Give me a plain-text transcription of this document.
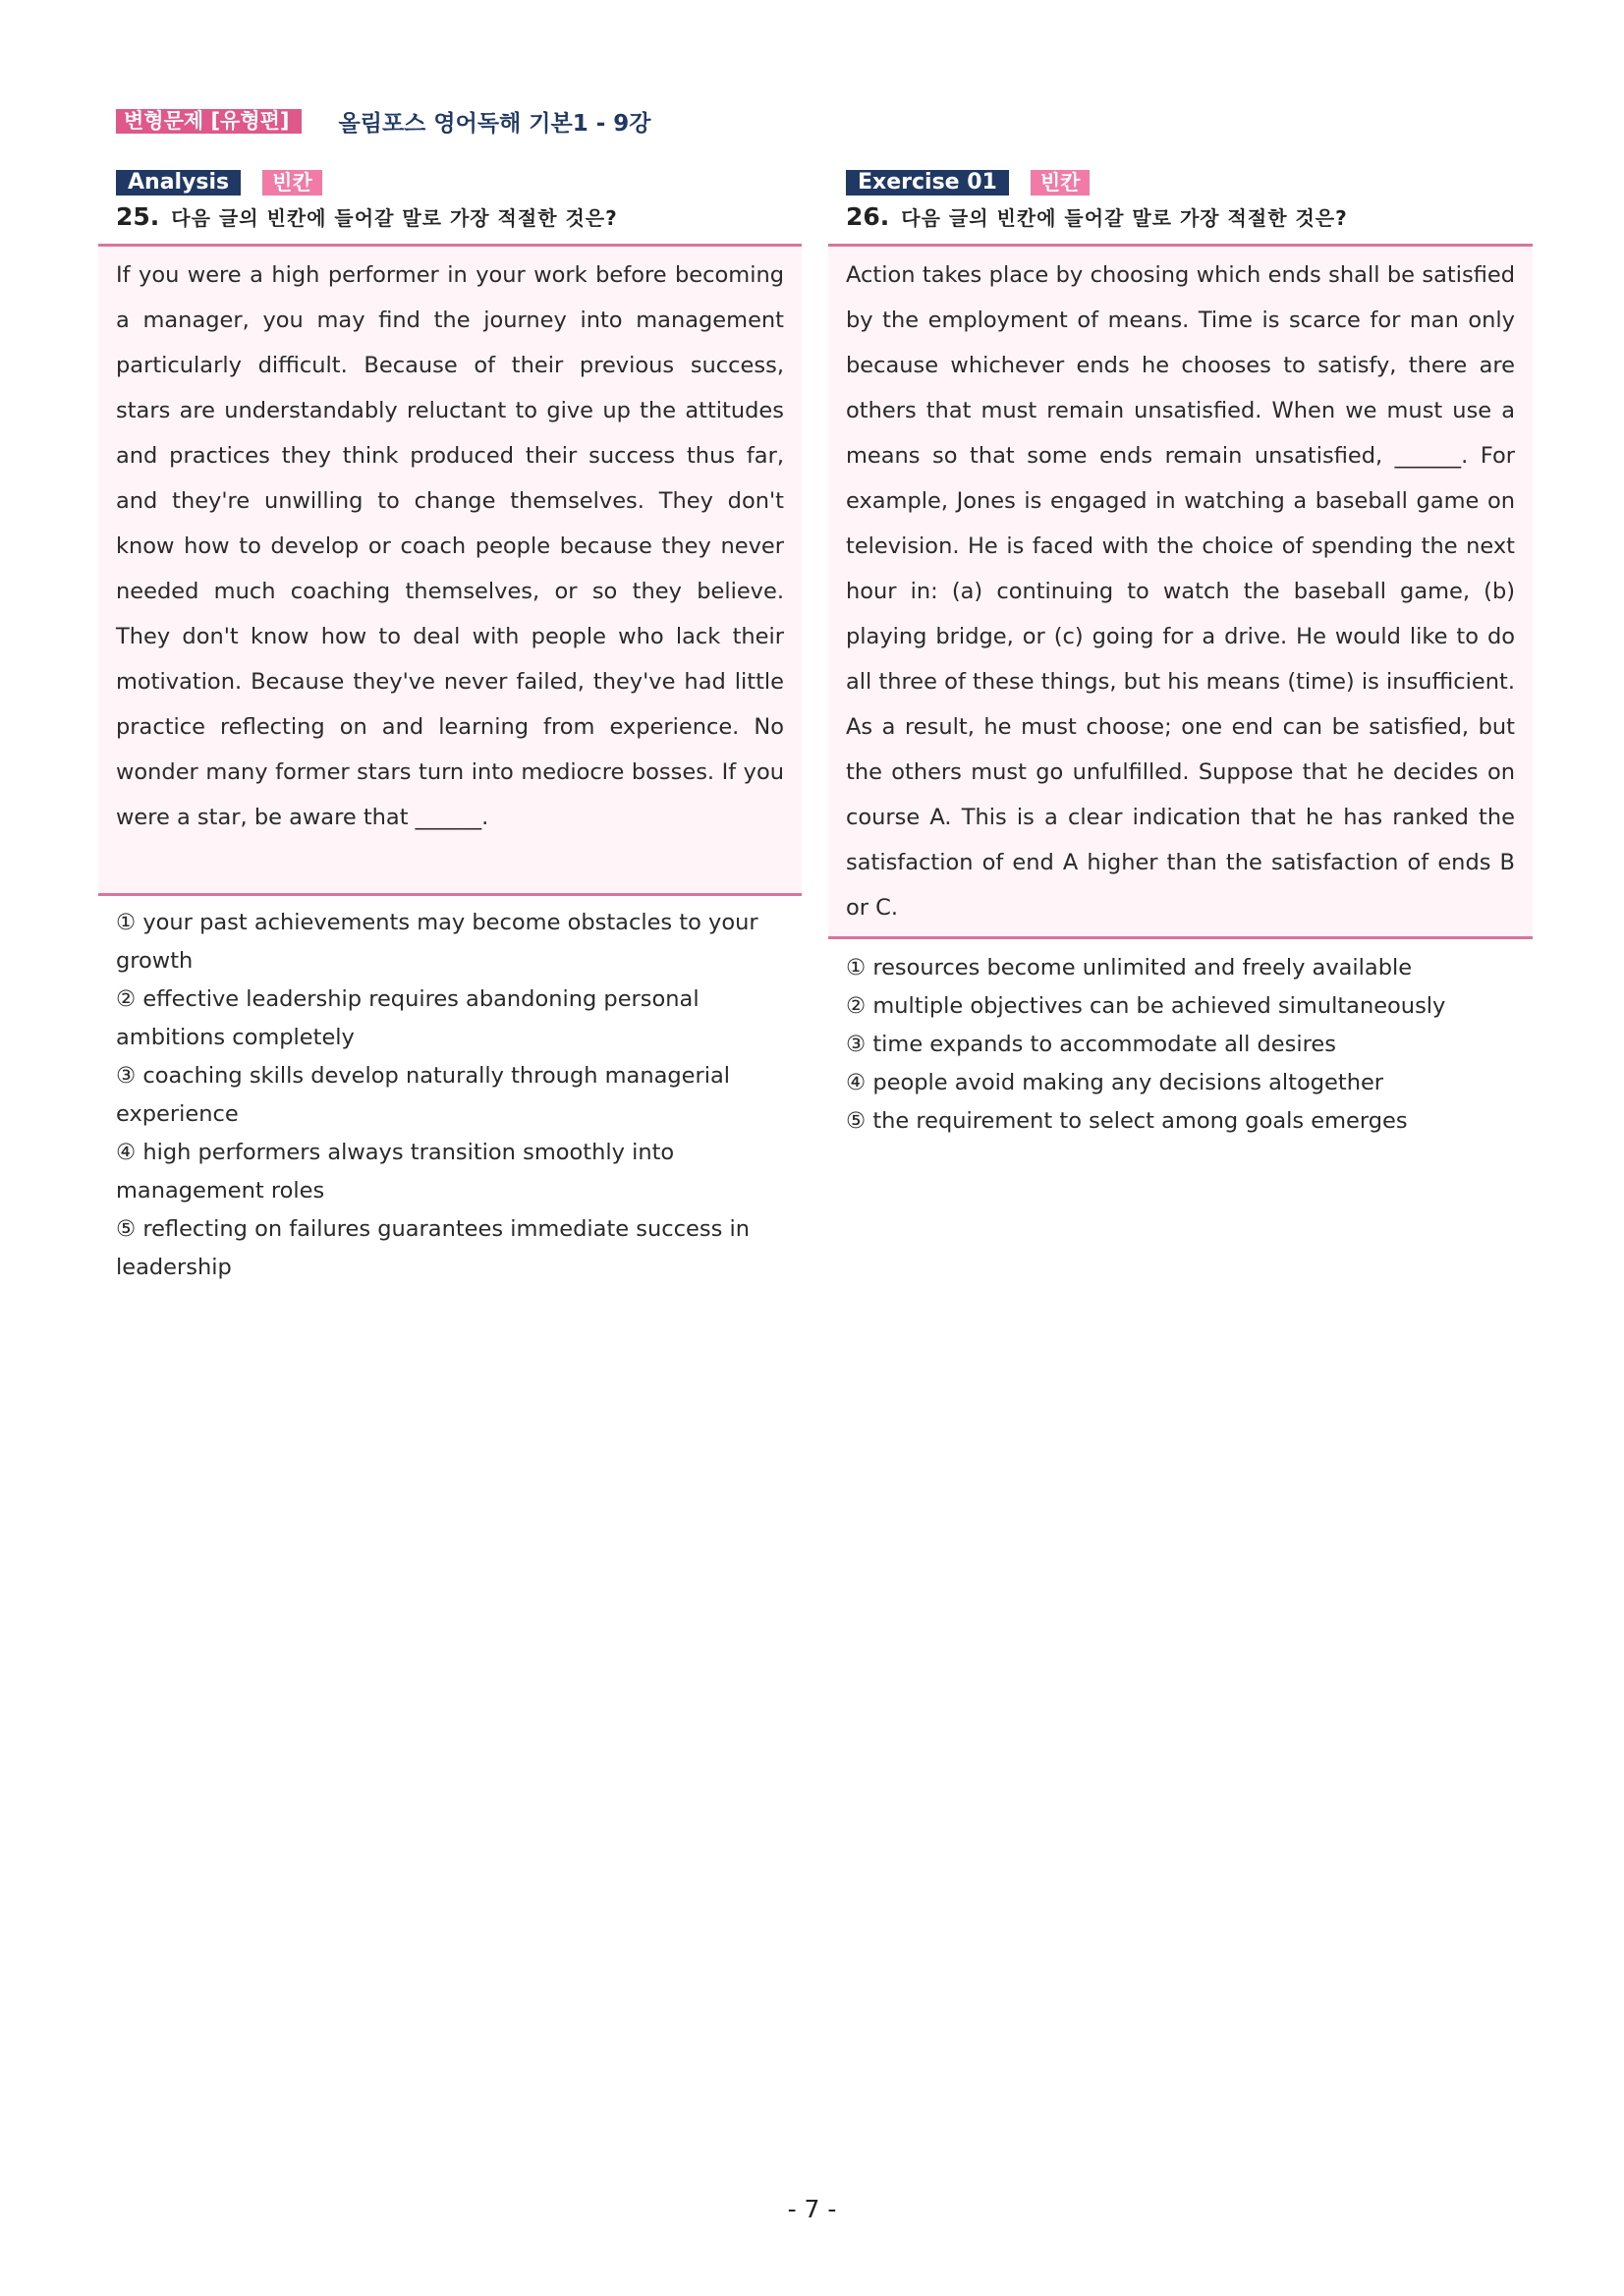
변형문제 [유형편]	올림포스 영어독해 기본1 - 9강
Analysis	빈칸
25. 다음 글의 빈칸에 들어갈 말로 가장 적절한 것은?

If you were a high performer in your work before becoming a manager, you may find the journey into management particularly difficult. Because of their previous success, stars are understandably reluctant to give up the attitudes and practices they think produced their success thus far, and they're unwilling to change themselves. They don't know how to develop or coach people because they never needed much coaching themselves, or so they believe. They don't know how to deal with people who lack their motivation. Because they've never failed, they've had little practice reflecting on and learning from experience. No wonder many former stars turn into mediocre bosses. If you were a star, be aware that ______.

① your past achievements may become obstacles to your growth
② effective leadership requires abandoning personal ambitions completely
③ coaching skills develop naturally through managerial experience
④ high performers always transition smoothly into management roles
⑤ reflecting on failures guarantees immediate success in leadership
Exercise 01	빈칸
26. 다음 글의 빈칸에 들어갈 말로 가장 적절한 것은?

Action takes place by choosing which ends shall be satisfied by the employment of means. Time is scarce for man only because whichever ends he chooses to satisfy, there are others that must remain unsatisfied. When we must use a means so that some ends remain unsatisfied, ______. For example, Jones is engaged in watching a baseball game on television. He is faced with the choice of spending the next hour in: (a) continuing to watch the baseball game, (b) playing bridge, or (c) going for a drive. He would like to do all three of these things, but his means (time) is insufficient. As a result, he must choose; one end can be satisfied, but the others must go unfulfilled. Suppose that he decides on course A. This is a clear indication that he has ranked the satisfaction of end A higher than the satisfaction of ends B or C.

① resources become unlimited and freely available
② multiple objectives can be achieved simultaneously
③ time expands to accommodate all desires
④ people avoid making any decisions altogether
⑤ the requirement to select among goals emerges
- 7 -
